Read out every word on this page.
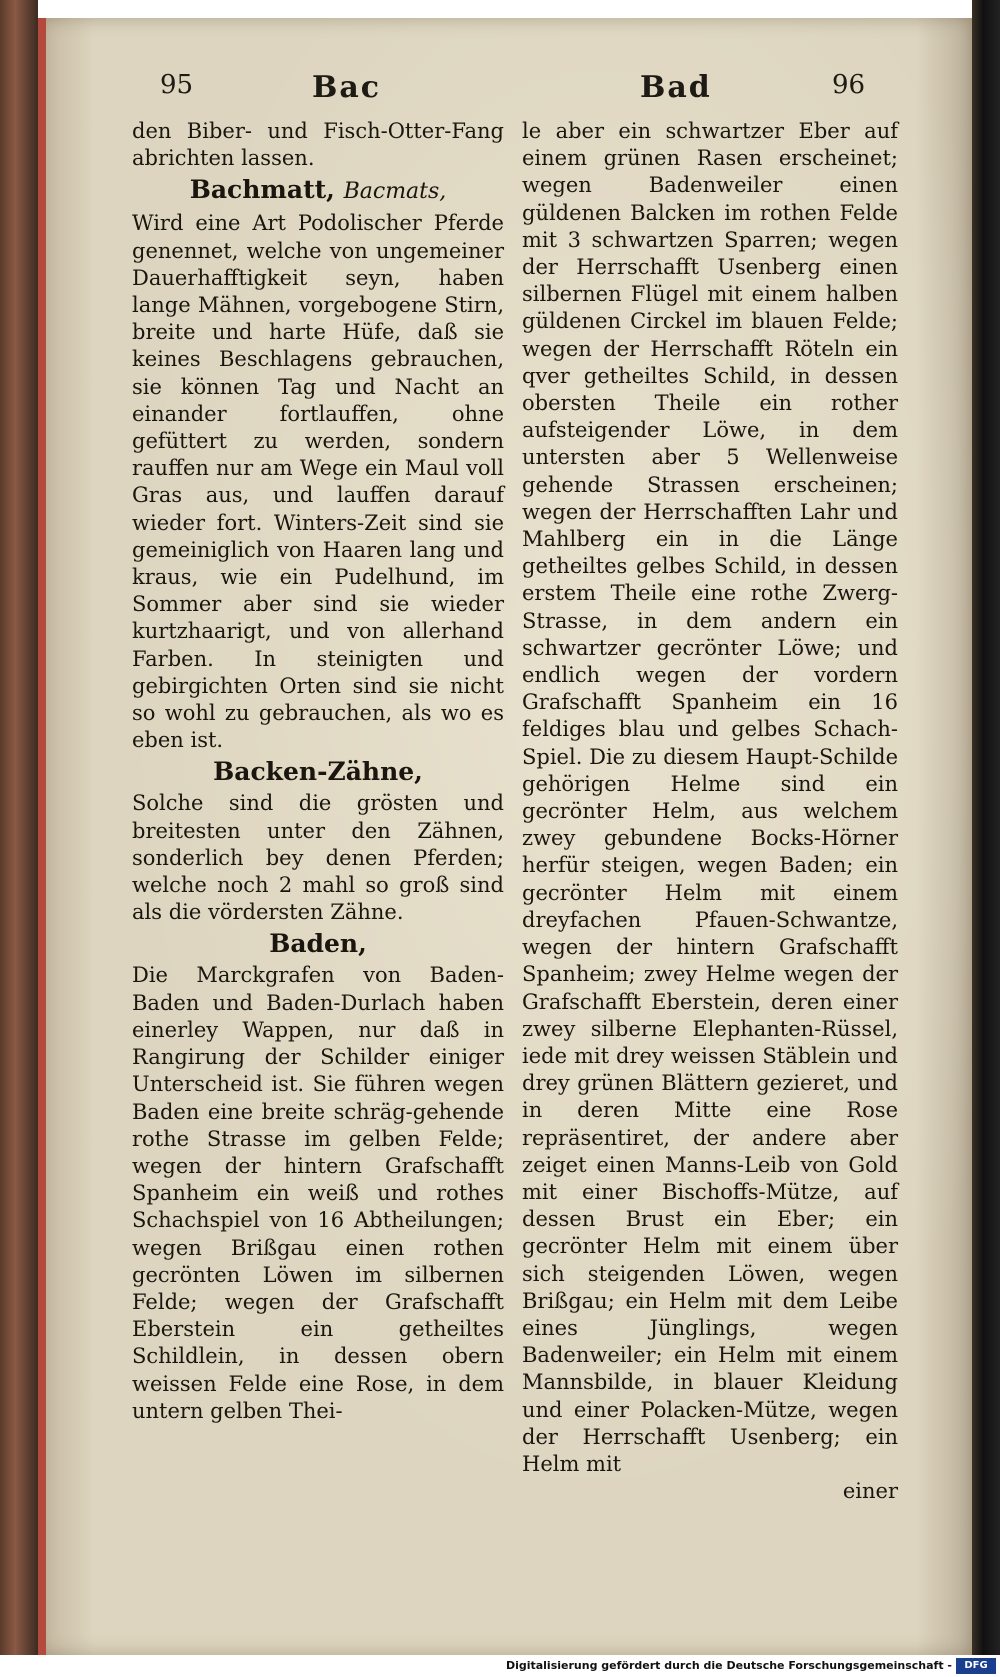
95	Bac	Bad	96

den Biber- und Fisch-Otter-Fang abrichten lassen.

Bachmatt, Bacmats,

Wird eine Art Podolischer Pferde genennet, welche von ungemeiner Dauerhafftigkeit seyn, haben lange Mähnen, vorgebogene Stirn, breite und harte Hüfe, daß sie keines Beschlagens gebrauchen, sie können Tag und Nacht an einander fortlauffen, ohne gefüttert zu werden, sondern rauffen nur am Wege ein Maul voll Gras aus, und lauffen darauf wieder fort. Winters-Zeit sind sie gemeiniglich von Haaren lang und kraus, wie ein Pudelhund, im Sommer aber sind sie wieder kurtzhaarigt, und von allerhand Farben. In steinigten und gebirgichten Orten sind sie nicht so wohl zu gebrauchen, als wo es eben ist.

Backen-Zähne,

Solche sind die grösten und breitesten unter den Zähnen, sonderlich bey denen Pferden; welche noch 2 mahl so groß sind als die vördersten Zähne.

Baden,

Die Marckgrafen von Baden-Baden und Baden-Durlach haben einerley Wappen, nur daß in Rangirung der Schilder einiger Unterscheid ist. Sie führen wegen Baden eine breite schräg-gehende rothe Strasse im gelben Felde; wegen der hintern Grafschafft Spanheim ein weiß und rothes Schachspiel von 16 Abtheilungen; wegen Brißgau einen rothen gecrönten Löwen im silbernen Felde; wegen der Grafschafft Eberstein ein getheiltes Schildlein, in dessen obern weissen Felde eine Rose, in dem untern gelben Thei-

le aber ein schwartzer Eber auf einem grünen Rasen erscheinet; wegen Badenweiler einen güldenen Balcken im rothen Felde mit 3 schwartzen Sparren; wegen der Herrschafft Usenberg einen silbernen Flügel mit einem halben güldenen Circkel im blauen Felde; wegen der Herrschafft Röteln ein qver getheiltes Schild, in dessen obersten Theile ein rother aufsteigender Löwe, in dem untersten aber 5 Wellenweise gehende Strassen erscheinen; wegen der Herrschafften Lahr und Mahlberg ein in die Länge getheiltes gelbes Schild, in dessen erstem Theile eine rothe Zwerg-Strasse, in dem andern ein schwartzer gecrönter Löwe; und endlich wegen der vordern Grafschafft Spanheim ein 16 feldiges blau und gelbes Schach-Spiel. Die zu diesem Haupt-Schilde gehörigen Helme sind ein gecrönter Helm, aus welchem zwey gebundene Bocks-Hörner herfür steigen, wegen Baden; ein gecrönter Helm mit einem dreyfachen Pfauen-Schwantze, wegen der hintern Grafschafft Spanheim; zwey Helme wegen der Grafschafft Eberstein, deren einer zwey silberne Elephanten-Rüssel, iede mit drey weissen Stäblein und drey grünen Blättern gezieret, und in deren Mitte eine Rose repräsentiret, der andere aber zeiget einen Manns-Leib von Gold mit einer Bischoffs-Mütze, auf dessen Brust ein Eber; ein gecrönter Helm mit einem über sich steigenden Löwen, wegen Brißgau; ein Helm mit dem Leibe eines Jünglings, wegen Badenweiler; ein Helm mit einem Mannsbilde, in blauer Kleidung und einer Polacken-Mütze, wegen der Herrschafft Usenberg; ein Helm mit

einer
Digitalisierung gefördert durch die Deutsche Forschungsgemeinschaft -	DFG
